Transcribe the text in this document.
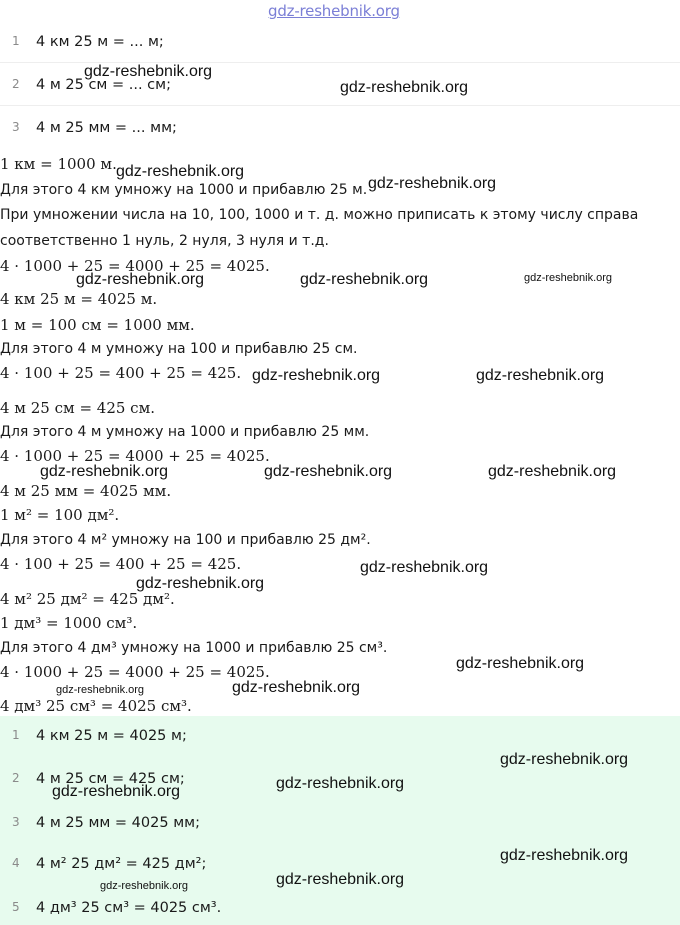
gdz-reshebnik.org
1 4 км 25 м = ... м;
2 4 м 25 см = ... см;
3 4 м 25 мм = ... мм;
1 км = 1000 м.
Для этого 4 км умножу на 1000 и прибавлю 25 м.
При умножении числа на 10, 100, 1000 и т. д. можно приписать к этому числу справа
соответственно 1 нуль, 2 нуля, 3 нуля и т.д.
4 · 1000 + 25 = 4000 + 25 = 4025.
4 км 25 м = 4025 м.
1 м = 100 см = 1000 мм.
Для этого 4 м умножу на 100 и прибавлю 25 см.
4 · 100 + 25 = 400 + 25 = 425.
4 м 25 см = 425 см.
Для этого 4 м умножу на 1000 и прибавлю 25 мм.
4 · 1000 + 25 = 4000 + 25 = 4025.
4 м 25 мм = 4025 мм.
1 м² = 100 дм².
Для этого 4 м² умножу на 100 и прибавлю 25 дм².
4 · 100 + 25 = 400 + 25 = 425.
4 м² 25 дм² = 425 дм².
1 дм³ = 1000 см³.
Для этого 4 дм³ умножу на 1000 и прибавлю 25 см³.
4 · 1000 + 25 = 4000 + 25 = 4025.
4 дм³ 25 см³ = 4025 см³.
1 4 км 25 м = 4025 м;
2 4 м 25 см = 425 см;
3 4 м 25 мм = 4025 мм;
4 4 м² 25 дм² = 425 дм²;
5 4 дм³ 25 см³ = 4025 см³.
gdz-reshebnik.org
gdz-reshebnik.org
gdz-reshebnik.org
gdz-reshebnik.org
gdz-reshebnik.org	gdz-reshebnik.org	gdz-reshebnik.org
gdz-reshebnik.org	gdz-reshebnik.org
gdz-reshebnik.org	gdz-reshebnik.org	gdz-reshebnik.org
gdz-reshebnik.org
gdz-reshebnik.org
gdz-reshebnik.org
gdz-reshebnik.org	gdz-reshebnik.org
gdz-reshebnik.org
gdz-reshebnik.org
gdz-reshebnik.org
gdz-reshebnik.org
gdz-reshebnik.org
gdz-reshebnik.org
